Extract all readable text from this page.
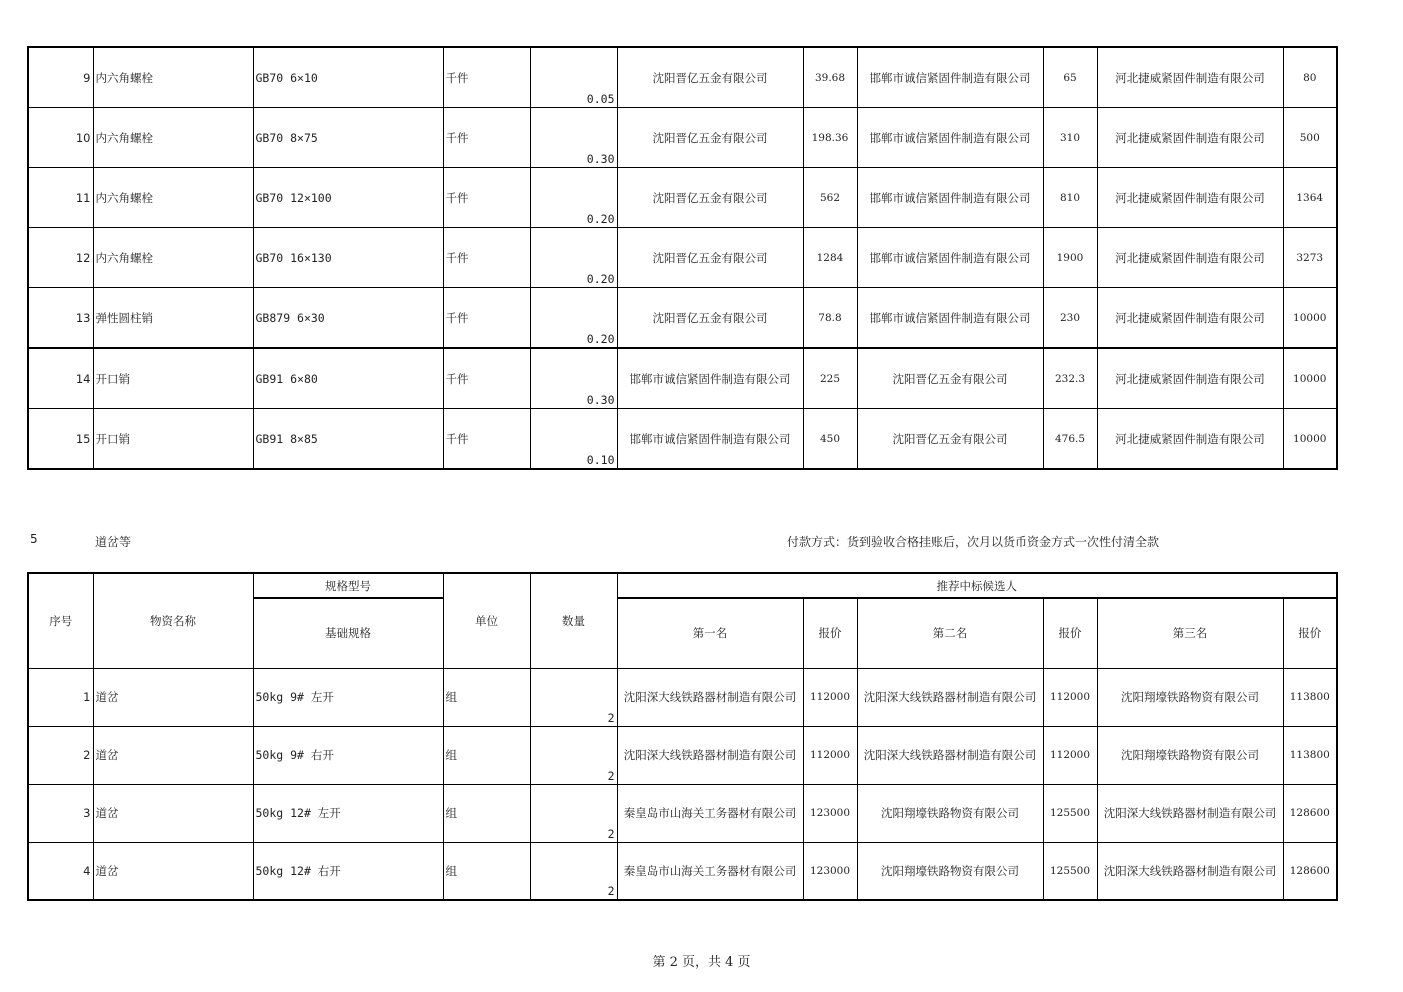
9	内六角螺栓	GB70 6×10	千件	0.05	沈阳晋亿五金有限公司	39.68	邯郸市诚信紧固件制造有限公司	65	河北捷威紧固件制造有限公司	80
10	内六角螺栓	GB70 8×75	千件	0.30	沈阳晋亿五金有限公司	198.36	邯郸市诚信紧固件制造有限公司	310	河北捷威紧固件制造有限公司	500
11	内六角螺栓	GB70 12×100	千件	0.20	沈阳晋亿五金有限公司	562	邯郸市诚信紧固件制造有限公司	810	河北捷威紧固件制造有限公司	1364
12	内六角螺栓	GB70 16×130	千件	0.20	沈阳晋亿五金有限公司	1284	邯郸市诚信紧固件制造有限公司	1900	河北捷威紧固件制造有限公司	3273
13	弹性圆柱销	GB879 6×30	千件	0.20	沈阳晋亿五金有限公司	78.8	邯郸市诚信紧固件制造有限公司	230	河北捷威紧固件制造有限公司	10000
14	开口销	GB91 6×80	千件	0.30	邯郸市诚信紧固件制造有限公司	225	沈阳晋亿五金有限公司	232.3	河北捷威紧固件制造有限公司	10000
15	开口销	GB91 8×85	千件	0.10	邯郸市诚信紧固件制造有限公司	450	沈阳晋亿五金有限公司	476.5	河北捷威紧固件制造有限公司	10000
5	道岔等	付款方式：货到验收合格挂账后，次月以货币资金方式一次性付清全款
序号	物资名称	规格型号	单位	数量	推荐中标候选人					
		基础规格			第一名	报价	第二名	报价	第三名	报价
1	道岔	50kg 9# 左开	组	2	沈阳深大线铁路器材制造有限公司	112000	沈阳深大线铁路器材制造有限公司	112000	沈阳翔壕铁路物资有限公司	113800
2	道岔	50kg 9# 右开	组	2	沈阳深大线铁路器材制造有限公司	112000	沈阳深大线铁路器材制造有限公司	112000	沈阳翔壕铁路物资有限公司	113800
3	道岔	50kg 12# 左开	组	2	秦皇岛市山海关工务器材有限公司	123000	沈阳翔壕铁路物资有限公司	125500	沈阳深大线铁路器材制造有限公司	128600
4	道岔	50kg 12# 右开	组	2	秦皇岛市山海关工务器材有限公司	123000	沈阳翔壕铁路物资有限公司	125500	沈阳深大线铁路器材制造有限公司	128600
第 2 页，共 4 页
